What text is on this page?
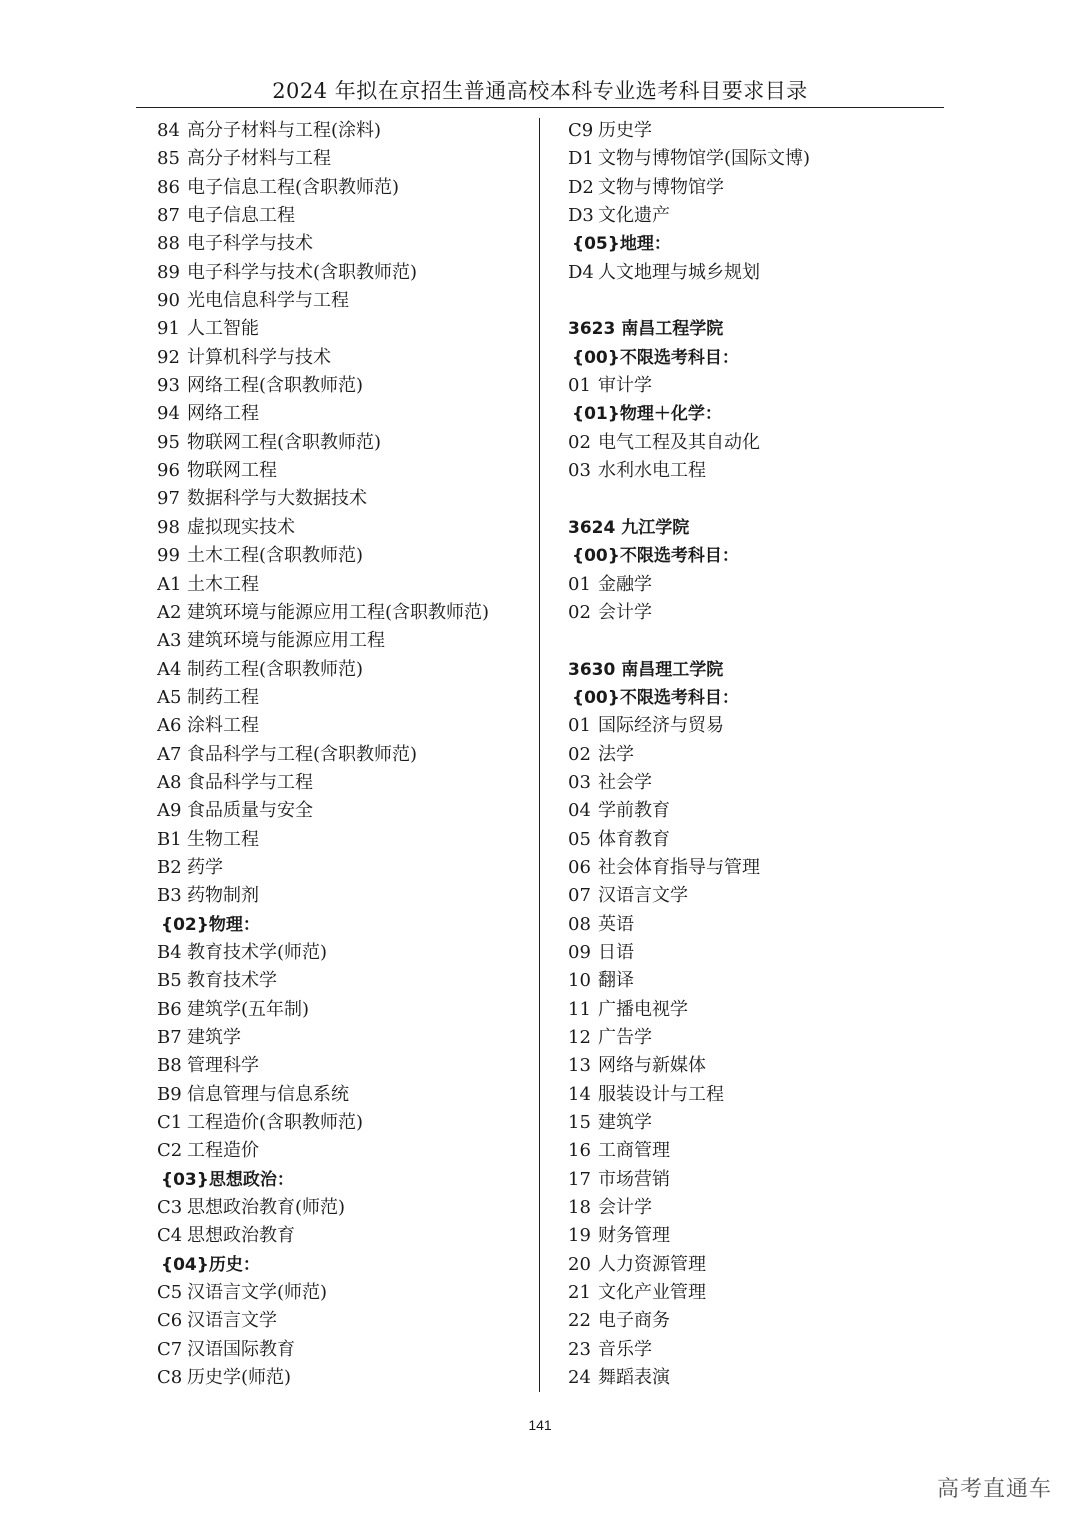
2024 年拟在京招生普通高校本科专业选考科目要求目录
84 高分子材料与工程(涂料)
85 高分子材料与工程
86 电子信息工程(含职教师范)
87 电子信息工程
88 电子科学与技术
89 电子科学与技术(含职教师范)
90 光电信息科学与工程
91 人工智能
92 计算机科学与技术
93 网络工程(含职教师范)
94 网络工程
95 物联网工程(含职教师范)
96 物联网工程
97 数据科学与大数据技术
98 虚拟现实技术
99 土木工程(含职教师范)
A1 土木工程
A2 建筑环境与能源应用工程(含职教师范)
A3 建筑环境与能源应用工程
A4 制药工程(含职教师范)
A5 制药工程
A6 涂料工程
A7 食品科学与工程(含职教师范)
A8 食品科学与工程
A9 食品质量与安全
B1 生物工程
B2 药学
B3 药物制剂
{02}物理：
B4 教育技术学(师范)
B5 教育技术学
B6 建筑学(五年制)
B7 建筑学
B8 管理科学
B9 信息管理与信息系统
C1 工程造价(含职教师范)
C2 工程造价
{03}思想政治：
C3 思想政治教育(师范)
C4 思想政治教育
{04}历史：
C5 汉语言文学(师范)
C6 汉语言文学
C7 汉语国际教育
C8 历史学(师范)
C9 历史学
D1 文物与博物馆学(国际文博)
D2 文物与博物馆学
D3 文化遗产
{05}地理：
D4 人文地理与城乡规划
3623 南昌工程学院
{00}不限选考科目：
01 审计学
{01}物理＋化学：
02 电气工程及其自动化
03 水利水电工程
3624 九江学院
{00}不限选考科目：
01 金融学
02 会计学
3630 南昌理工学院
{00}不限选考科目：
01 国际经济与贸易
02 法学
03 社会学
04 学前教育
05 体育教育
06 社会体育指导与管理
07 汉语言文学
08 英语
09 日语
10 翻译
11 广播电视学
12 广告学
13 网络与新媒体
14 服装设计与工程
15 建筑学
16 工商管理
17 市场营销
18 会计学
19 财务管理
20 人力资源管理
21 文化产业管理
22 电子商务
23 音乐学
24 舞蹈表演
141
高考直通车
